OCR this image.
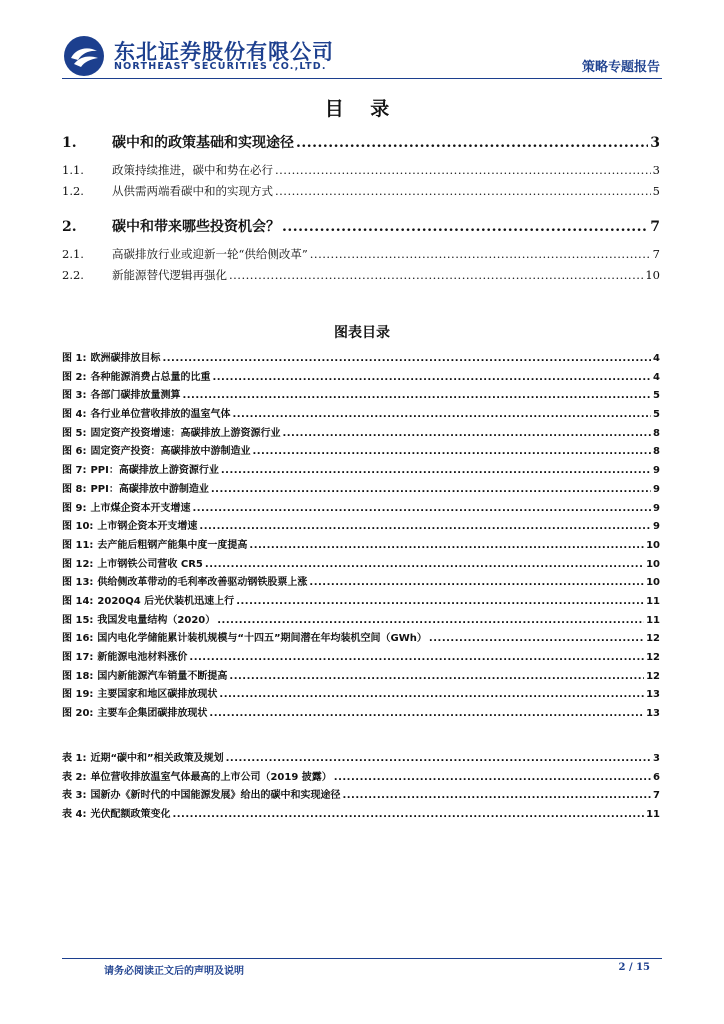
东北证券股份有限公司
NORTHEAST SECURITIES CO.,LTD.	策略专题报告
目 录
1.	碳中和的政策基础和实现途径 .....	3
1.1.	政策持续推进，碳中和势在必行 .....	3
1.2.	从供需两端看碳中和的实现方式 .....	5
2.	碳中和带来哪些投资机会？ .....	7
2.1.	高碳排放行业或迎新一轮“供给侧改革” .....	7
2.2.	新能源替代逻辑再强化 .....	10
图表目录
图 1: 欧洲碳排放目标 .....	4
图 2: 各种能源消费占总量的比重 .....	4
图 3: 各部门碳排放量测算 .....	5
图 4: 各行业单位营收排放的温室气体 .....	5
图 5: 固定资产投资增速：高碳排放上游资源行业 .....	8
图 6: 固定资产投资：高碳排放中游制造业 .....	8
图 7: PPI：高碳排放上游资源行业 .....	9
图 8: PPI：高碳排放中游制造业 .....	9
图 9: 上市煤企资本开支增速 .....	9
图 10: 上市钢企资本开支增速 .....	9
图 11: 去产能后粗钢产能集中度一度提高 .....	10
图 12: 上市钢铁公司营收 CR5 .....	10
图 13: 供给侧改革带动的毛利率改善驱动钢铁股票上涨 .....	10
图 14: 2020Q4 后光伏装机迅速上行 .....	11
图 15: 我国发电量结构（2020） .....	11
图 16: 国内电化学储能累计装机规模与“十四五”期间潜在年均装机空间（GWh） .....	12
图 17: 新能源电池材料涨价 .....	12
图 18: 国内新能源汽车销量不断提高 .....	12
图 19: 主要国家和地区碳排放现状 .....	13
图 20: 主要车企集团碳排放现状 .....	13
表 1: 近期“碳中和”相关政策及规划 .....	3
表 2: 单位营收排放温室气体最高的上市公司（2019 披露） .....	6
表 3: 国新办《新时代的中国能源发展》给出的碳中和实现途径 .....	7
表 4: 光伏配额政策变化 .....	11
请务必阅读正文后的声明及说明	2 / 15
